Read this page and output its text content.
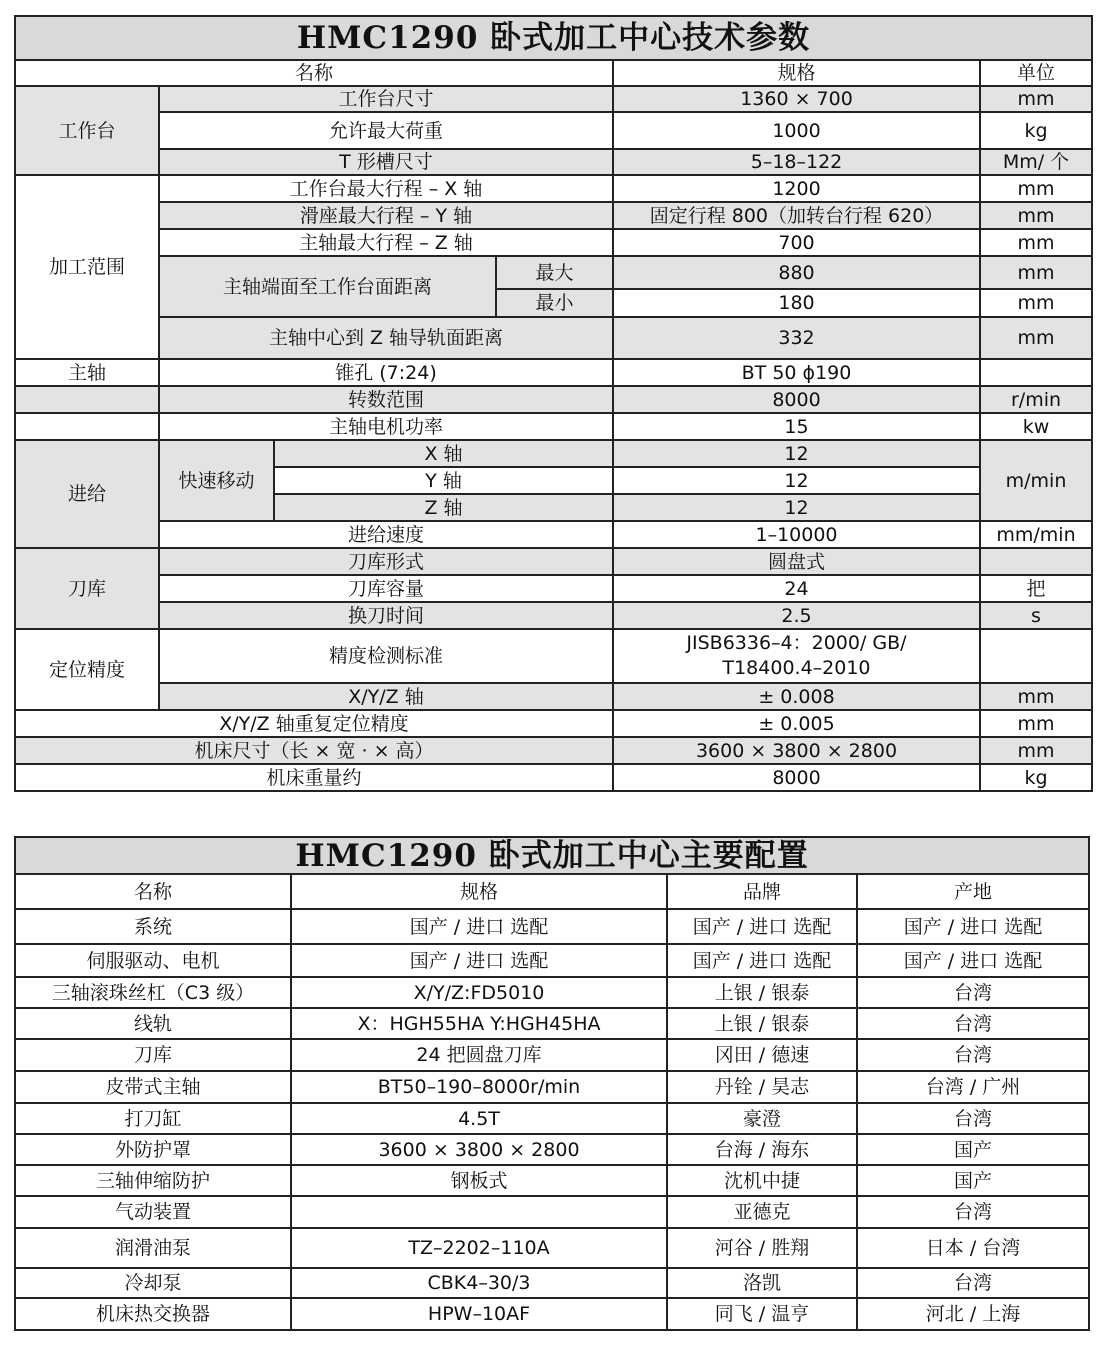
HMC1290 卧式加工中心技术参数					
名称				规格	单位
工作台	工作台尺寸			1360 × 700	mm
	允许最大荷重			1000	kg
	T 形槽尺寸			5–18–122	Mm/ 个
加工范围	工作台最大行程 – X 轴			1200	mm
	滑座最大行程 – Y 轴			固定行程 800（加转台行程 620）	mm
	主轴最大行程 – Z 轴			700	mm
	主轴端面至工作台面距离		最大	880	mm
			最小	180	mm
	主轴中心到 Z 轴导轨面距离			332	mm
主轴	锥孔 (7:24)			BT 50 ϕ190	
	转数范围			8000	r/min
	主轴电机功率			15	kw
进给	快速移动	X 轴		12	m/min
		Y 轴		12	
		Z 轴		12	
	进给速度			1–10000	mm/min
刀库	刀库形式			圆盘式	
	刀库容量			24	把
	换刀时间			2.5	s
定位精度	精度检测标准			JISB6336–4：2000/ GB/
T18400.4–2010	

	X/Y/Z 轴			± 0.008	mm
X/Y/Z 轴重复定位精度				± 0.005	mm
机床尺寸（长 × 宽 · × 高）				3600 × 3800 × 2800	mm
机床重量约				8000	kg
HMC1290 卧式加工中心主要配置			
名称	规格	品牌	产地
系统	国产 / 进口 选配	国产 / 进口 选配	国产 / 进口 选配
伺服驱动、电机	国产 / 进口 选配	国产 / 进口 选配	国产 / 进口 选配
三轴滚珠丝杠（C3 级）	X/Y/Z:FD5010	上银 / 银泰	台湾
线轨	X：HGH55HA Y:HGH45HA	上银 / 银泰	台湾
刀库	24 把圆盘刀库	冈田 / 德速	台湾
皮带式主轴	BT50–190–8000r/min	丹铨 / 昊志	台湾 / 广州
打刀缸	4.5T	豪澄	台湾
外防护罩	3600 × 3800 × 2800	台海 / 海东	国产
三轴伸缩防护	钢板式	沈机中捷	国产
气动装置		亚德克	台湾
润滑油泵	TZ–2202–110A	河谷 / 胜翔	日本 / 台湾
冷却泵	CBK4–30/3	洛凯	台湾
机床热交换器	HPW–10AF	同飞 / 温亨	河北 / 上海
